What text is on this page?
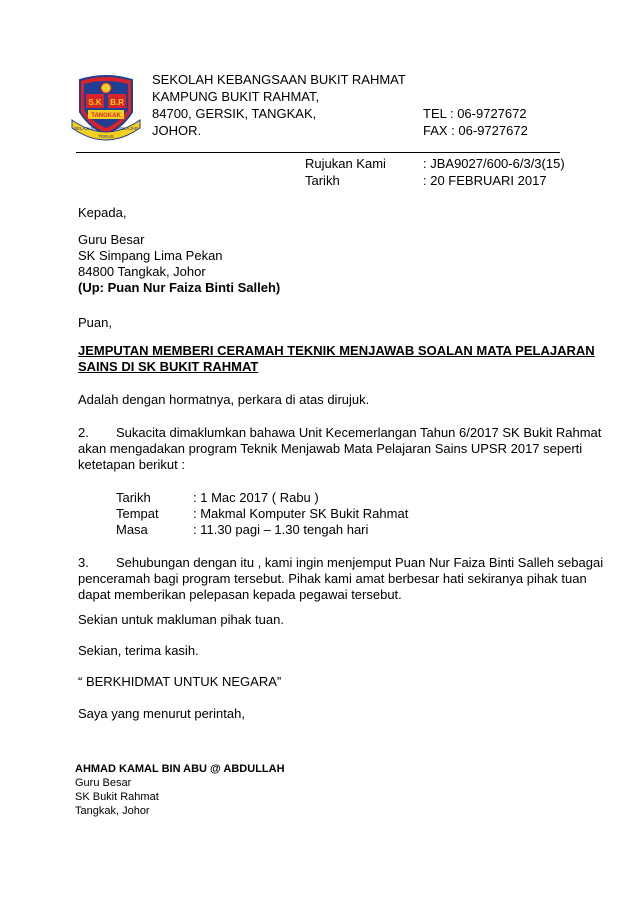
S.K B.R
TANGKAK
BELAJAR
TERUS
BELAJAR
SEKOLAH KEBANGSAAN BUKIT RAHMAT
KAMPUNG BUKIT RAHMAT,
84700, GERSIK, TANGKAK,
JOHOR.
TEL : 06-9727672
FAX : 06-9727672
Rujukan Kami	: JBA9027/600-6/3/3(15)
Tarikh	: 20 FEBRUARI 2017
Kepada,
Guru Besar
SK Simpang Lima Pekan
84800 Tangkak, Johor
(Up: Puan Nur Faiza Binti Salleh)
Puan,
JEMPUTAN MEMBERI CERAMAH TEKNIK MENJAWAB SOALAN MATA PELAJARAN
SAINS DI SK BUKIT RAHMAT
Adalah dengan hormatnya, perkara di atas dirujuk.
2. Sukacita dimaklumkan bahawa Unit Kecemerlangan Tahun 6/2017 SK Bukit Rahmat
akan mengadakan program Teknik Menjawab Mata Pelajaran Sains UPSR 2017 seperti
ketetapan berikut :
Tarikh	: 1 Mac 2017 ( Rabu )
Tempat	: Makmal Komputer SK Bukit Rahmat
Masa	: 11.30 pagi – 1.30 tengah hari
3. Sehubungan dengan itu , kami ingin menjemput Puan Nur Faiza Binti Salleh sebagai
penceramah bagi program tersebut. Pihak kami amat berbesar hati sekiranya pihak tuan
dapat memberikan pelepasan kepada pegawai tersebut.
Sekian untuk makluman pihak tuan.
Sekian, terima kasih.
“ BERKHIDMAT UNTUK NEGARA”
Saya yang menurut perintah,
AHMAD KAMAL BIN ABU @ ABDULLAH
Guru Besar
SK Bukit Rahmat
Tangkak, Johor
